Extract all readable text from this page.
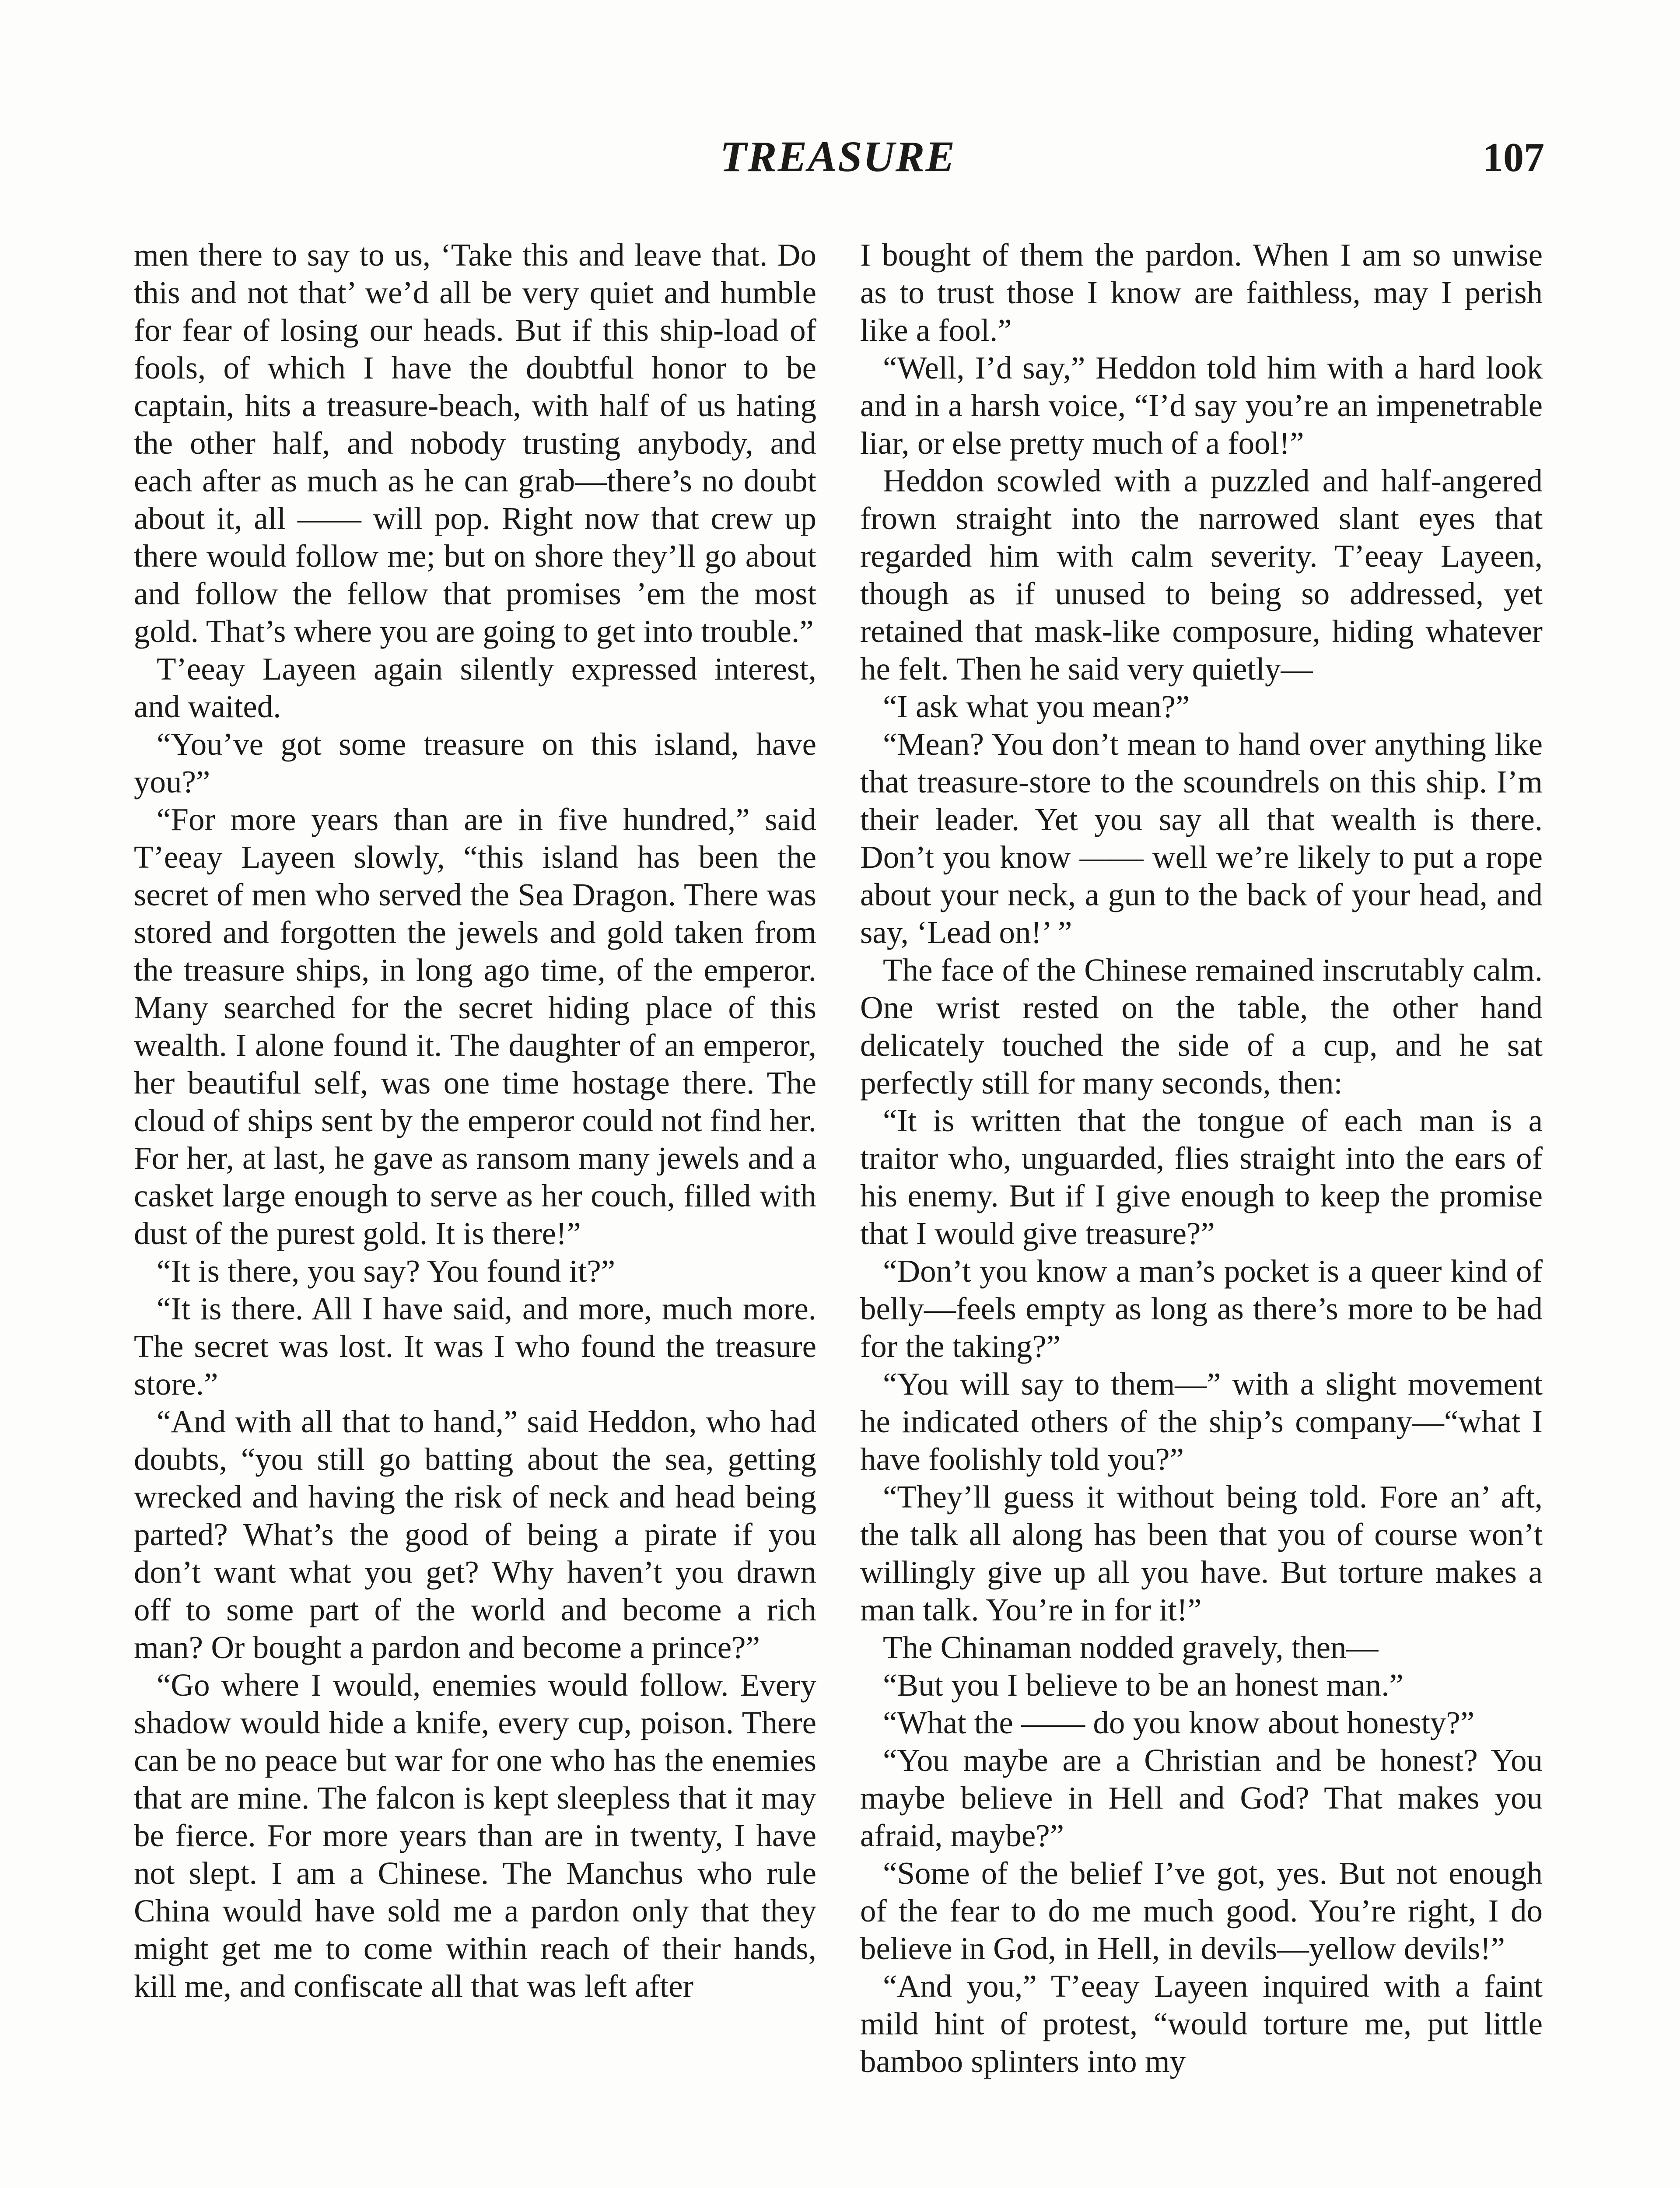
TREASURE	107

men there to say to us, ‘Take this and leave that. Do this and not that’ we’d all be very quiet and humble for fear of losing our heads. But if this ship-load of fools, of which I have the doubtful honor to be captain, hits a treasure-beach, with half of us hating the other half, and nobody trusting anybody, and each after as much as he can grab—there’s no doubt about it, all —— will pop. Right now that crew up there would follow me; but on shore they’ll go about and follow the fellow that promises ’em the most gold. That’s where you are going to get into trouble.”

T’eeay Layeen again silently expressed interest, and waited.

“You’ve got some treasure on this island, have you?”

“For more years than are in five hundred,” said T’eeay Layeen slowly, “this island has been the secret of men who served the Sea Dragon. There was stored and forgotten the jewels and gold taken from the treasure ships, in long ago time, of the emperor. Many searched for the secret hiding place of this wealth. I alone found it. The daughter of an emperor, her beautiful self, was one time hostage there. The cloud of ships sent by the emperor could not find her. For her, at last, he gave as ransom many jewels and a casket large enough to serve as her couch, filled with dust of the purest gold. It is there!”

“It is there, you say? You found it?”

“It is there. All I have said, and more, much more. The secret was lost. It was I who found the treasure store.”

“And with all that to hand,” said Heddon, who had doubts, “you still go batting about the sea, getting wrecked and having the risk of neck and head being parted? What’s the good of being a pirate if you don’t want what you get? Why haven’t you drawn off to some part of the world and become a rich man? Or bought a pardon and become a prince?”

“Go where I would, enemies would follow. Every shadow would hide a knife, every cup, poison. There can be no peace but war for one who has the enemies that are mine. The falcon is kept sleepless that it may be fierce. For more years than are in twenty, I have not slept. I am a Chinese. The Manchus who rule China would have sold me a pardon only that they might get me to come within reach of their hands, kill me, and confiscate all that was left after

I bought of them the pardon. When I am so unwise as to trust those I know are faithless, may I perish like a fool.”

“Well, I’d say,” Heddon told him with a hard look and in a harsh voice, “I’d say you’re an impenetrable liar, or else pretty much of a fool!”

Heddon scowled with a puzzled and half-angered frown straight into the narrowed slant eyes that regarded him with calm severity. T’eeay Layeen, though as if unused to being so addressed, yet retained that mask-like composure, hiding whatever he felt. Then he said very quietly—

“I ask what you mean?”

“Mean? You don’t mean to hand over anything like that treasure-store to the scoundrels on this ship. I’m their leader. Yet you say all that wealth is there. Don’t you know —— well we’re likely to put a rope about your neck, a gun to the back of your head, and say, ‘Lead on!’ ”

The face of the Chinese remained inscrutably calm. One wrist rested on the table, the other hand delicately touched the side of a cup, and he sat perfectly still for many seconds, then:

“It is written that the tongue of each man is a traitor who, unguarded, flies straight into the ears of his enemy. But if I give enough to keep the promise that I would give treasure?”

“Don’t you know a man’s pocket is a queer kind of belly—feels empty as long as there’s more to be had for the taking?”

“You will say to them—” with a slight movement he indicated others of the ship’s company—“what I have foolishly told you?”

“They’ll guess it without being told. Fore an’ aft, the talk all along has been that you of course won’t willingly give up all you have. But torture makes a man talk. You’re in for it!”

The Chinaman nodded gravely, then—

“But you I believe to be an honest man.”

“What the —— do you know about honesty?”

“You maybe are a Christian and be honest? You maybe believe in Hell and God? That makes you afraid, maybe?”

“Some of the belief I’ve got, yes. But not enough of the fear to do me much good. You’re right, I do believe in God, in Hell, in devils—yellow devils!”

“And you,” T’eeay Layeen inquired with a faint mild hint of protest, “would torture me, put little bamboo splinters into my
